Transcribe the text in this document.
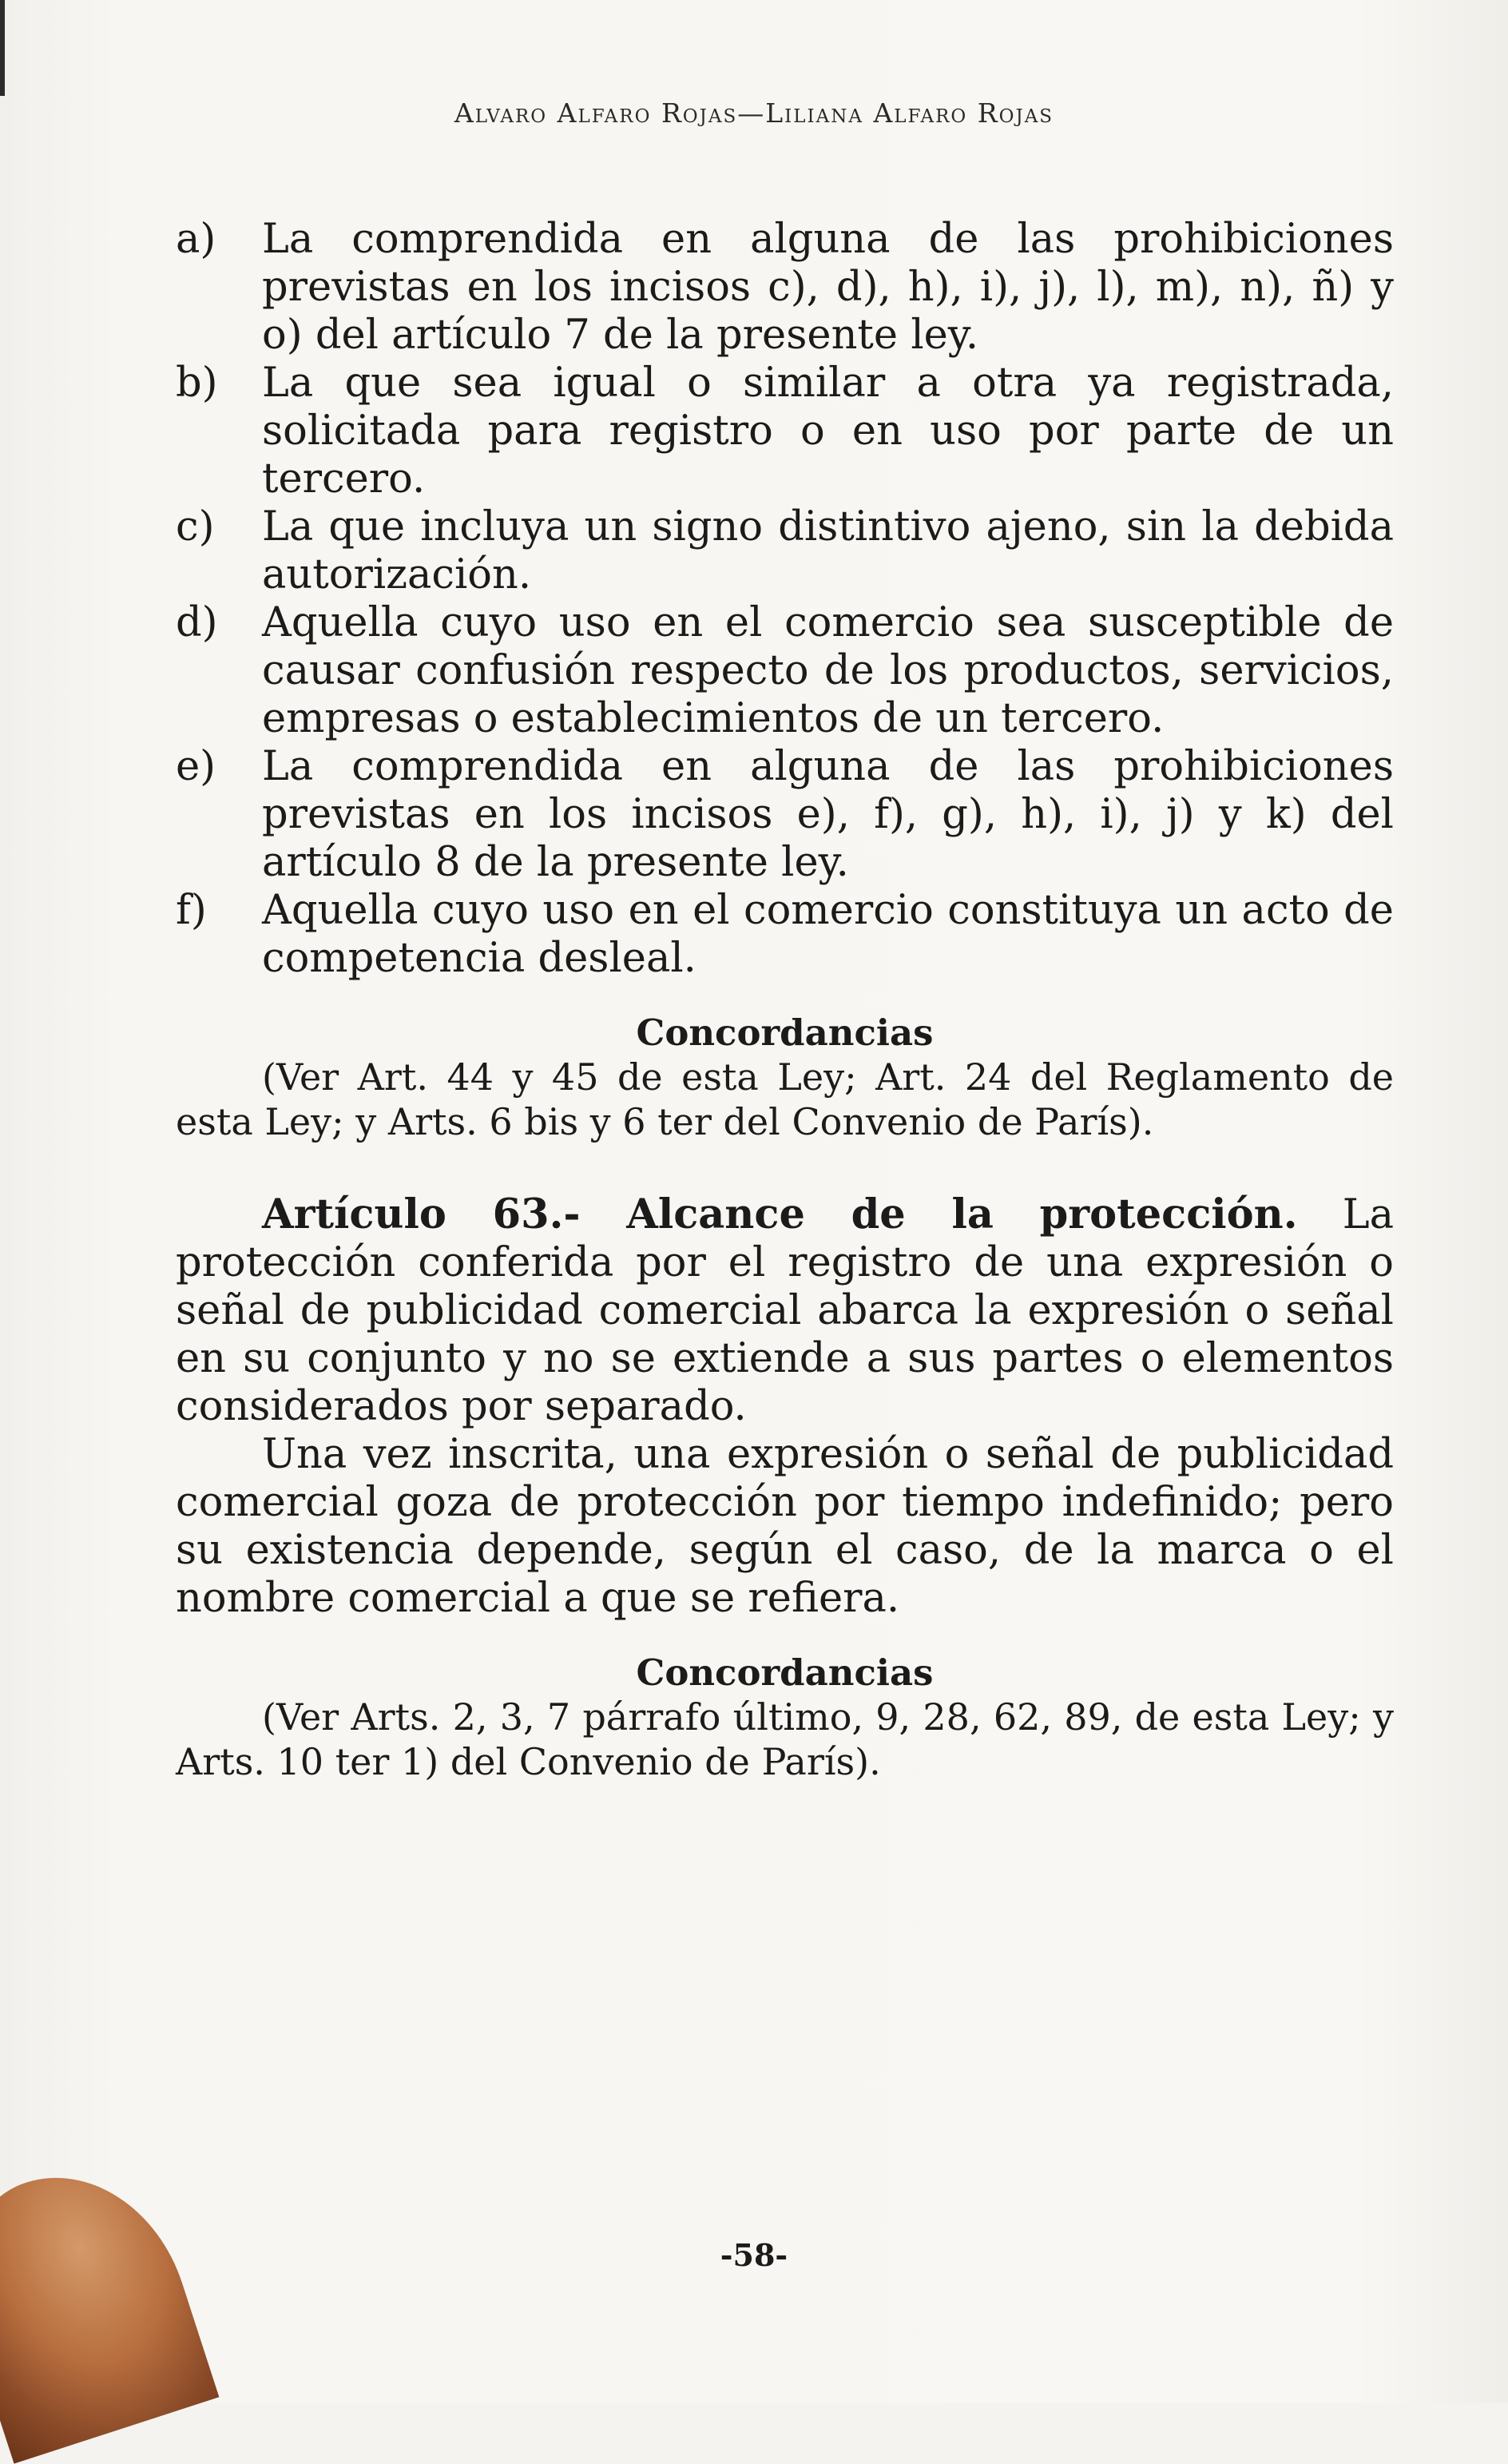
Alvaro Alfaro Rojas—Liliana Alfaro Rojas
a)	La comprendida en alguna de las prohibiciones previstas en los incisos c), d), h), i), j), l), m), n), ñ) y o) del artículo 7 de la presente ley.
b)	La que sea igual o similar a otra ya registrada, solicitada para registro o en uso por parte de un tercero.
c)	La que incluya un signo distintivo ajeno, sin la debida autorización.
d)	Aquella cuyo uso en el comercio sea susceptible de causar confusión respecto de los productos, servicios, empresas o establecimientos de un tercero.
e)	La comprendida en alguna de las prohibiciones previstas en los incisos e), f), g), h), i), j) y k) del artículo 8 de la presente ley.
f)	Aquella cuyo uso en el comercio constituya un acto de competencia desleal.
Concordancias
(Ver Art. 44 y 45 de esta Ley; Art. 24 del Reglamento de esta Ley; y Arts. 6 bis y 6 ter del Convenio de París).
Artículo 63.- Alcance de la protección. La protección conferida por el registro de una expresión o señal de publicidad comercial abarca la expresión o señal en su conjunto y no se extiende a sus partes o elementos considerados por separado.
Una vez inscrita, una expresión o señal de publicidad comercial goza de protección por tiempo indefinido; pero su existencia depende, según el caso, de la marca o el nombre comercial a que se refiera.
Concordancias
(Ver Arts. 2, 3, 7 párrafo último, 9, 28, 62, 89, de esta Ley; y Arts. 10 ter 1) del Convenio de París).
-58-
